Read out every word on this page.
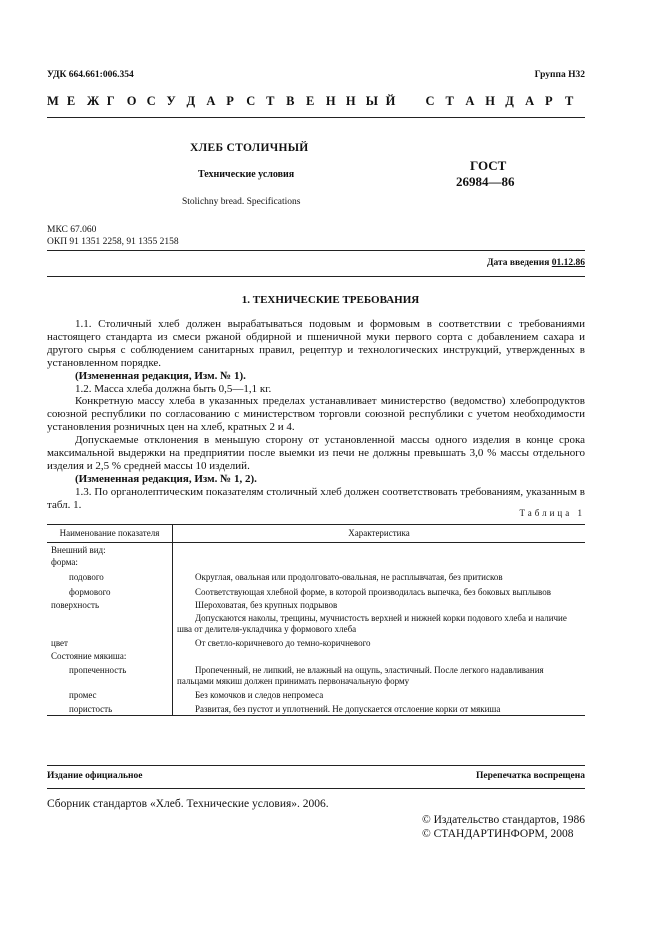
УДК 664.661:006.354	Группа Н32
М Е Ж Г О С У Д А Р С Т В Е Н Н Ы Й С Т А Н Д А Р Т
ХЛЕБ СТОЛИЧНЫЙ
Технические условия
Stolichny bread. Specifications
ГОСТ
26984—86
МКС 67.060
ОКП 91 1351 2258, 91 1355 2158
Дата введения 01.12.86
1. ТЕХНИЧЕСКИЕ ТРЕБОВАНИЯ

1.1. Столичный хлеб должен вырабатываться подовым и формовым в соответствии с требованиями настоящего стандарта из смеси ржаной обдирной и пшеничной муки первого сорта с добавлением сахара и другого сырья с соблюдением санитарных правил, рецептур и технологических инструкций, утвержденных в установленном порядке.

(Измененная редакция, Изм. № 1).

1.2. Масса хлеба должна быть 0,5—1,1 кг.

Конкретную массу хлеба в указанных пределах устанавливает министерство (ведомство) хлебопродуктов союзной республики по согласованию с министерством торговли союзной республики с учетом необходимости установления розничных цен на хлеб, кратных 2 и 4.

Допускаемые отклонения в меньшую сторону от установленной массы одного изделия в конце срока максимальной выдержки на предприятии после выемки из печи не должны превышать 3,0 % массы отдельного изделия и 2,5 % средней массы 10 изделий.

(Измененная редакция, Изм. № 1, 2).

1.3. По органолептическим показателям столичный хлеб должен соответствовать требованиям, указанным в табл. 1.

Таблица 1
Наименование показателя	Характеристика
Внешний вид:	
форма:	
подового	Округлая, овальная или продолговато-овальная, не расплывчатая, без притисков
формового	Соответствующая хлебной форме, в которой производилась выпечка, без боковых выплывов
поверхность	Шероховатая, без крупных подрывов
	Допускаются наколы, трещины, мучнистость верхней и нижней корки подового хлеба и наличие шва от делителя-укладчика у формового хлеба
цвет	От светло-коричневого до темно-коричневого
Состояние мякиша:	
пропеченность	Пропеченный, не липкий, не влажный на ощупь, эластичный. После легкого надавливания пальцами мякиш должен принимать первоначальную форму
промес	Без комочков и следов непромеса
пористость	Развитая, без пустот и уплотнений. Не допускается отслоение корки от мякиша
Издание официальное	Перепечатка воспрещена
Сборник стандартов «Хлеб. Технические условия». 2006.
© Издательство стандартов, 1986
© СТАНДАРТИНФОРМ, 2008
